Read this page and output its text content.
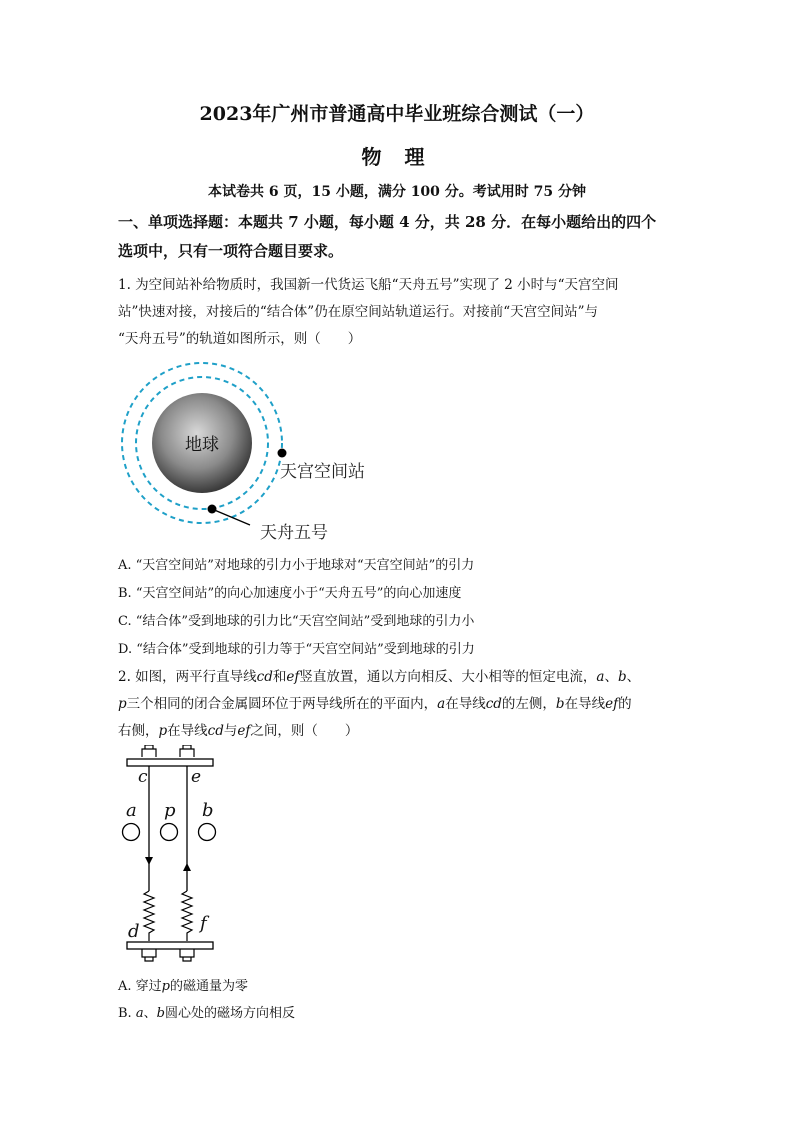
2023年广州市普通高中毕业班综合测试（一）
物 理
本试卷共 6 页，15 小题，满分 100 分。考试用时 75 分钟
一、单项选择题：本题共 7 小题，每小题 4 分，共 28 分．在每小题给出的四个
选项中，只有一项符合题目要求。
1. 为空间站补给物质时，我国新一代货运飞船“天舟五号”实现了 2 小时与“天宫空间
站”快速对接，对接后的“结合体”仍在原空间站轨道运行。对接前“天宫空间站”与
“天舟五号”的轨道如图所示，则（　　）
地球
天宫空间站
天舟五号
A. “天宫空间站”对地球的引力小于地球对“天宫空间站”的引力
B. “天宫空间站”的向心加速度小于“天舟五号”的向心加速度
C. “结合体”受到地球的引力比“天宫空间站”受到地球的引力小
D. “结合体”受到地球的引力等于“天宫空间站”受到地球的引力
2. 如图，两平行直导线cd和ef竖直放置，通以方向相反、大小相等的恒定电流，a、b、
p三个相同的闭合金属圆环位于两导线所在的平面内，a在导线cd的左侧，b在导线ef的
右侧，p在导线cd与ef之间，则（　　）
c	e
a p b
d	f
A. 穿过p的磁通量为零
B. a、b圆心处的磁场方向相反
